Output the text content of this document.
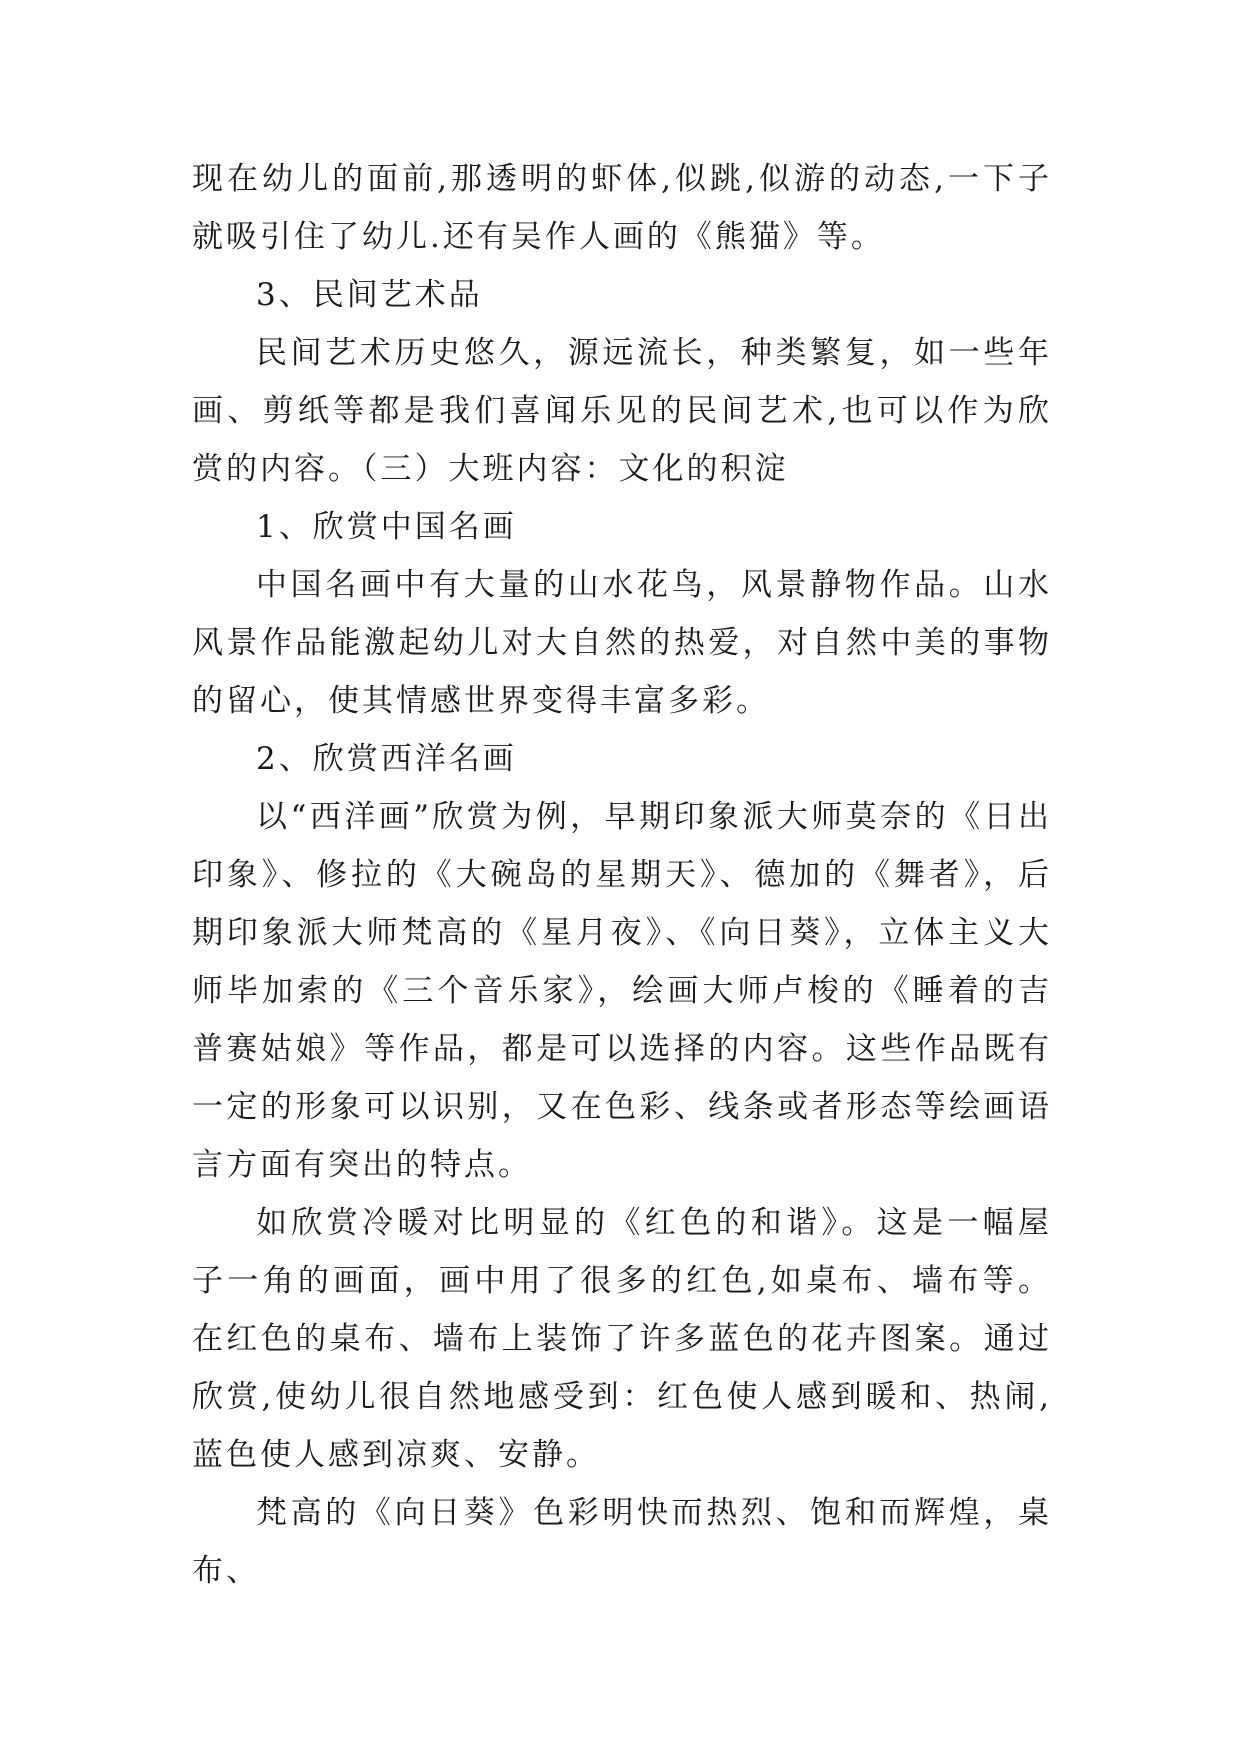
现在幼儿的面前,那透明的虾体,似跳,似游的动态,一下子就吸引住了幼儿.还有吴作人画的《熊猫》等。

3、民间艺术品

民间艺术历史悠久，源远流长，种类繁复，如一些年画、剪纸等都是我们喜闻乐见的民间艺术,也可以作为欣赏的内容。（三）大班内容：文化的积淀

1、欣赏中国名画

中国名画中有大量的山水花鸟，风景静物作品。山水风景作品能激起幼儿对大自然的热爱，对自然中美的事物的留心，使其情感世界变得丰富多彩。

2、欣赏西洋名画

以“西洋画”欣赏为例，早期印象派大师莫奈的《日出印象》、修拉的《大碗岛的星期天》、德加的《舞者》，后期印象派大师梵高的《星月夜》、《向日葵》，立体主义大师毕加索的《三个音乐家》，绘画大师卢梭的《睡着的吉普赛姑娘》等作品，都是可以选择的内容。这些作品既有一定的形象可以识别，又在色彩、线条或者形态等绘画语言方面有突出的特点。

如欣赏冷暖对比明显的《红色的和谐》。这是一幅屋子一角的画面，画中用了很多的红色,如桌布、墙布等。在红色的桌布、墙布上装饰了许多蓝色的花卉图案。通过欣赏,使幼儿很自然地感受到：红色使人感到暖和、热闹,蓝色使人感到凉爽、安静。

梵高的《向日葵》色彩明快而热烈、饱和而辉煌，桌布、
